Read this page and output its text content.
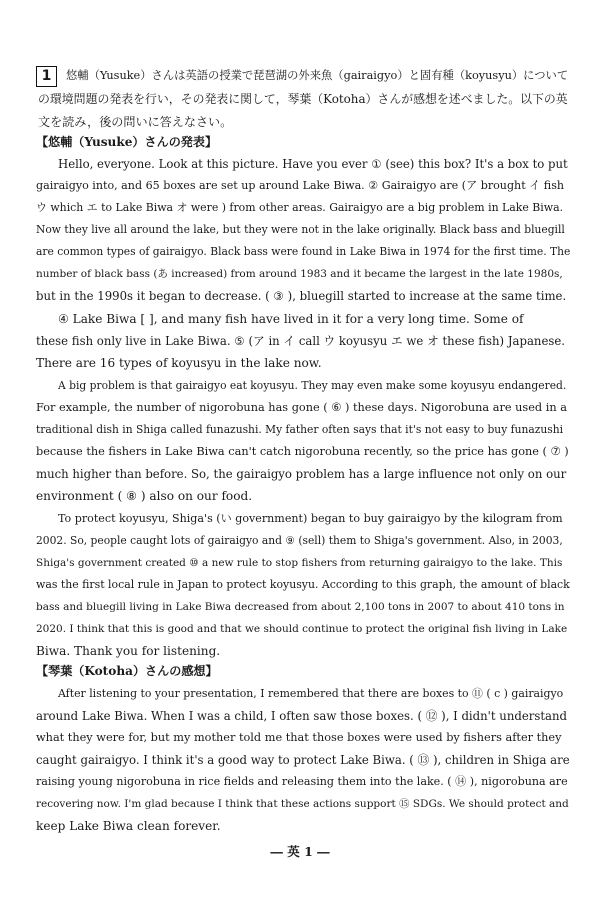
1	悠輔（Yusuke）さんは英語の授業で琵琶湖の外来魚（gairaigyo）と固有種（koyusyu）について
の環境問題の発表を行い，その発表に関して，琴葉（Kotoha）さんが感想を述べました。以下の英
文を読み，後の問いに答えなさい。
【悠輔（Yusuke）さんの発表】
Hello, everyone. Look at this picture. Have you ever ① (see) this box? It's a box to put
gairaigyo into, and 65 boxes are set up around Lake Biwa. ② Gairaigyo are (ア brought イ fish
ウ which エ to Lake Biwa オ were ) from other areas. Gairaigyo are a big problem in Lake Biwa.
Now they live all around the lake, but they were not in the lake originally. Black bass and bluegill
are common types of gairaigyo. Black bass were found in Lake Biwa in 1974 for the first time. The
number of black bass (あ increased) from around 1983 and it became the largest in the late 1980s,
but in the 1990s it began to decrease. ( ③ ), bluegill started to increase at the same time.
④ Lake Biwa [ ], and many fish have lived in it for a very long time. Some of
these fish only live in Lake Biwa. ⑤ (ア in イ call ウ koyusyu エ we オ these fish) Japanese.
There are 16 types of koyusyu in the lake now.
A big problem is that gairaigyo eat koyusyu. They may even make some koyusyu endangered.
For example, the number of nigorobuna has gone ( ⑥ ) these days. Nigorobuna are used in a
traditional dish in Shiga called funazushi. My father often says that it's not easy to buy funazushi
because the fishers in Lake Biwa can't catch nigorobuna recently, so the price has gone ( ⑦ )
much higher than before. So, the gairaigyo problem has a large influence not only on our
environment ( ⑧ ) also on our food.
To protect koyusyu, Shiga's (い government) began to buy gairaigyo by the kilogram from
2002. So, people caught lots of gairaigyo and ⑨ (sell) them to Shiga's government. Also, in 2003,
Shiga's government created ⑩ a new rule to stop fishers from returning gairaigyo to the lake. This
was the first local rule in Japan to protect koyusyu. According to this graph, the amount of black
bass and bluegill living in Lake Biwa decreased from about 2,100 tons in 2007 to about 410 tons in
2020. I think that this is good and that we should continue to protect the original fish living in Lake
Biwa. Thank you for listening.
【琴葉（Kotoha）さんの感想】
After listening to your presentation, I remembered that there are boxes to ⑪ ( c ) gairaigyo
around Lake Biwa. When I was a child, I often saw those boxes. ( ⑫ ), I didn't understand
what they were for, but my mother told me that those boxes were used by fishers after they
caught gairaigyo. I think it's a good way to protect Lake Biwa. ( ⑬ ), children in Shiga are
raising young nigorobuna in rice fields and releasing them into the lake. ( ⑭ ), nigorobuna are
recovering now. I'm glad because I think that these actions support ⑮ SDGs. We should protect and
keep Lake Biwa clean forever.
― 英 1 ―
